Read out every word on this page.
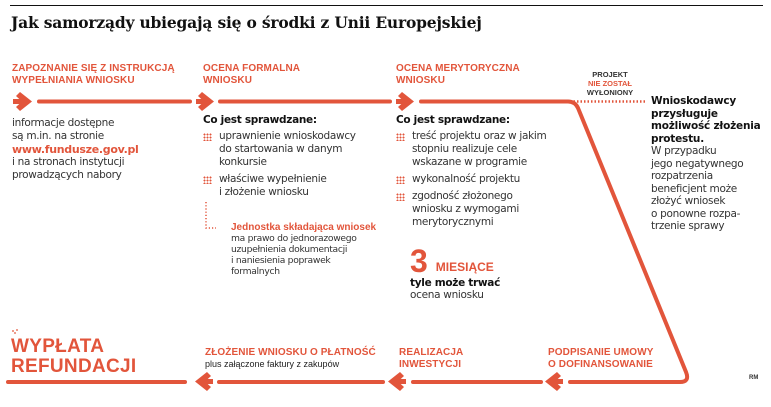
Jak samorządy ubiegają się o środki z Unii Europejskiej
ZAPOZNANIE SIĘ Z INSTRUKCJĄ
WYPEŁNIANIA WNIOSKU
informacje dostępne
są m.in. na stronie
www.fundusze.gov.pl
i na stronach instytucji
prowadzących nabory
OCENA FORMALNA
WNIOSKU
Co jest sprawdzane:
uprawnienie wnioskodawcy
do startowania w danym
konkursie
właściwe wypełnienie
i złożenie wniosku
Jednostka składająca wniosek
ma prawo do jednorazowego
uzupełnienia dokumentacji
i naniesienia poprawek
formalnych
OCENA MERYTORYCZNA
WNIOSKU
Co jest sprawdzane:
treść projektu oraz w jakim
stopniu realizuje cele
wskazane w programie
wykonalność projektu
zgodność złożonego
wniosku z wymogami
merytorycznymi
3 MIESIĄCE
tyle może trwać
ocena wniosku
PROJEKT
NIE ZOSTAŁ
WYŁONIONY
Wnioskodawcy
przysługuje
możliwość złożenia
protestu.
W przypadku
jego negatywnego
rozpatrzenia
beneficjent może
złożyć wniosek
o ponowne rozpa-
trzenie sprawy
PODPISANIE UMOWY
O DOFINANSOWANIE
REALIZACJA
INWESTYCJI
ZŁOŻENIE WNIOSKU O PŁATNOŚĆ
plus załączone faktury z zakupów
WYPŁATA
REFUNDACJI
RM
